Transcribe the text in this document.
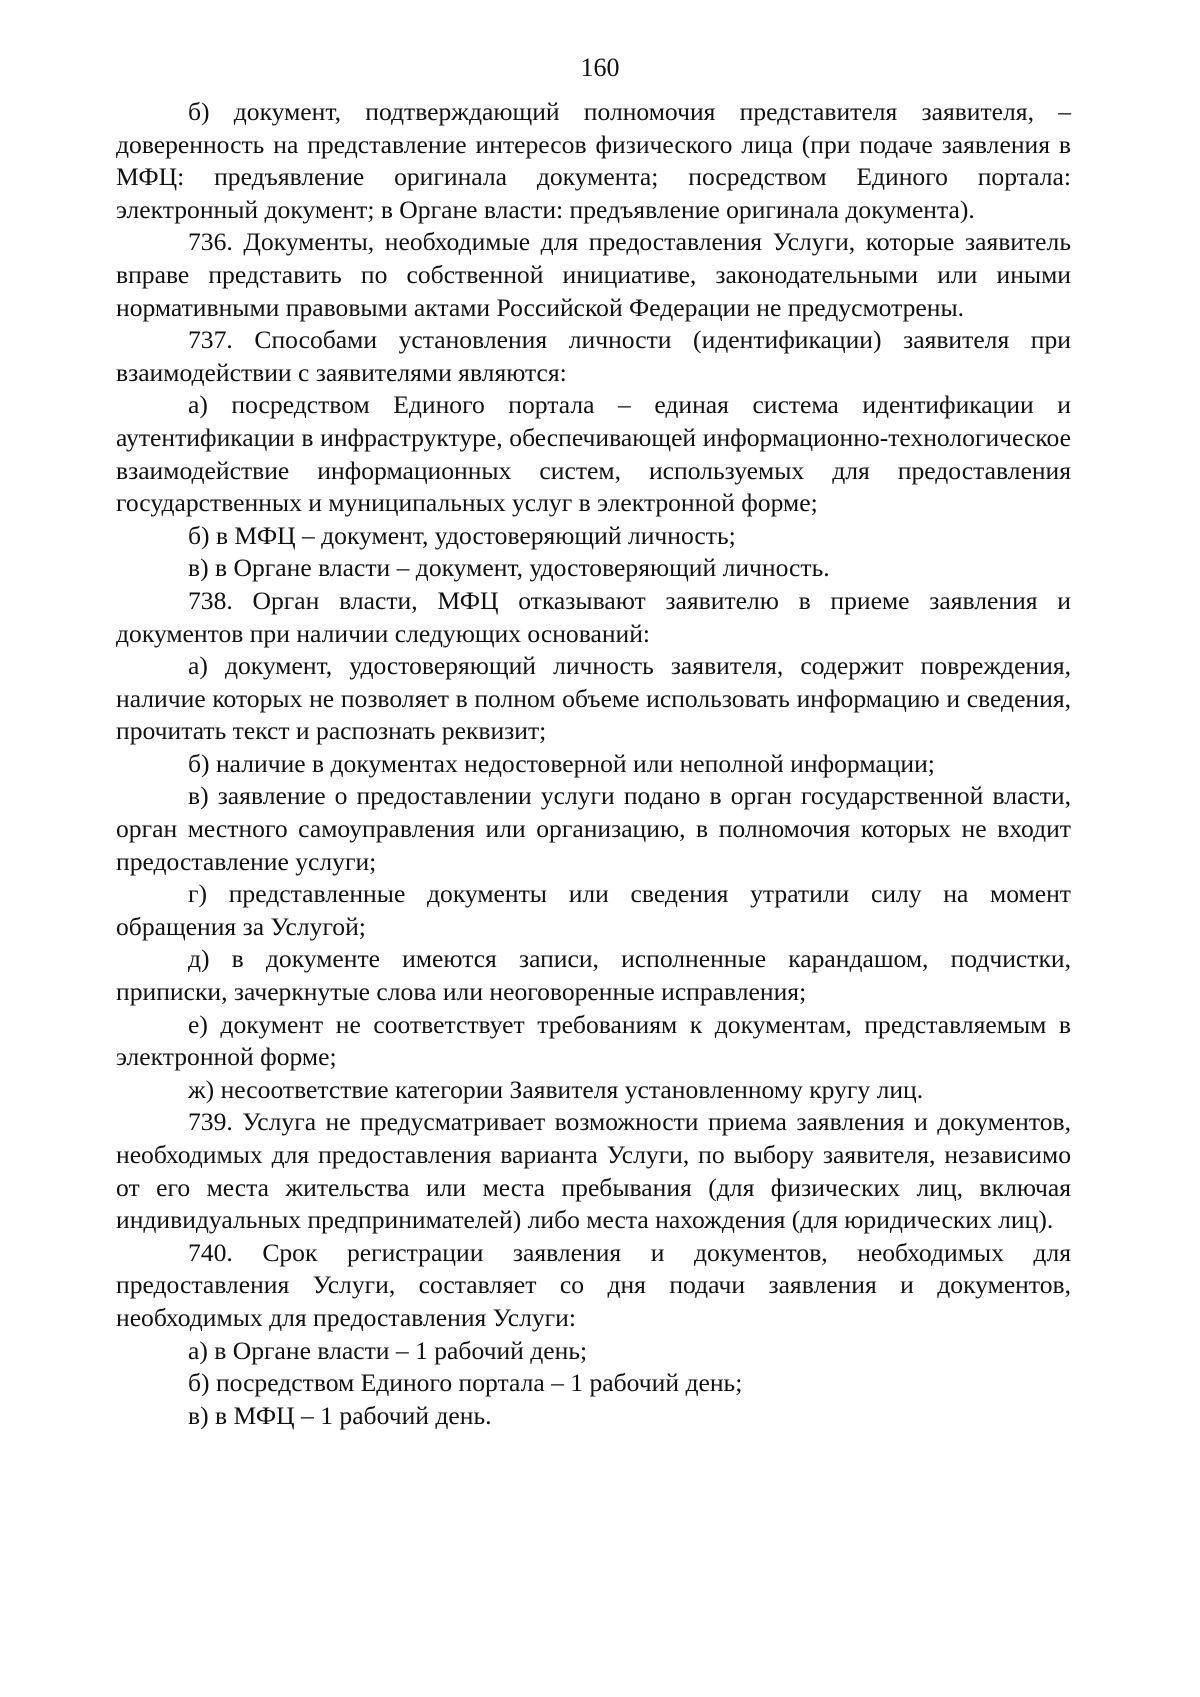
160

б) документ, подтверждающий полномочия представителя заявителя, – доверенность на представление интересов физического лица (при подаче заявления в МФЦ: предъявление оригинала документа; посредством Единого портала: электронный документ; в Органе власти: предъявление оригинала документа).

736. Документы, необходимые для предоставления Услуги, которые заявитель вправе представить по собственной инициативе, законодательными или иными нормативными правовыми актами Российской Федерации не предусмотрены.

737. Способами установления личности (идентификации) заявителя при взаимодействии с заявителями являются:

а) посредством Единого портала – единая система идентификации и аутентификации в инфраструктуре, обеспечивающей информационно-технологическое взаимодействие информационных систем, используемых для предоставления государственных и муниципальных услуг в электронной форме;

б) в МФЦ – документ, удостоверяющий личность;

в) в Органе власти – документ, удостоверяющий личность.

738. Орган власти, МФЦ отказывают заявителю в приеме заявления и документов при наличии следующих оснований:

а) документ, удостоверяющий личность заявителя, содержит повреждения, наличие которых не позволяет в полном объеме использовать информацию и сведения, прочитать текст и распознать реквизит;

б) наличие в документах недостоверной или неполной информации;

в) заявление о предоставлении услуги подано в орган государственной власти, орган местного самоуправления или организацию, в полномочия которых не входит предоставление услуги;

г) представленные документы или сведения утратили силу на момент обращения за Услугой;

д) в документе имеются записи, исполненные карандашом, подчистки, приписки, зачеркнутые слова или неоговоренные исправления;

е) документ не соответствует требованиям к документам, представляемым в электронной форме;

ж) несоответствие категории Заявителя установленному кругу лиц.

739. Услуга не предусматривает возможности приема заявления и документов, необходимых для предоставления варианта Услуги, по выбору заявителя, независимо от его места жительства или места пребывания (для физических лиц, включая индивидуальных предпринимателей) либо места нахождения (для юридических лиц).

740. Срок регистрации заявления и документов, необходимых для предоставления Услуги, составляет со дня подачи заявления и документов, необходимых для предоставления Услуги:

а) в Органе власти – 1 рабочий день;

б) посредством Единого портала – 1 рабочий день;

в) в МФЦ – 1 рабочий день.
